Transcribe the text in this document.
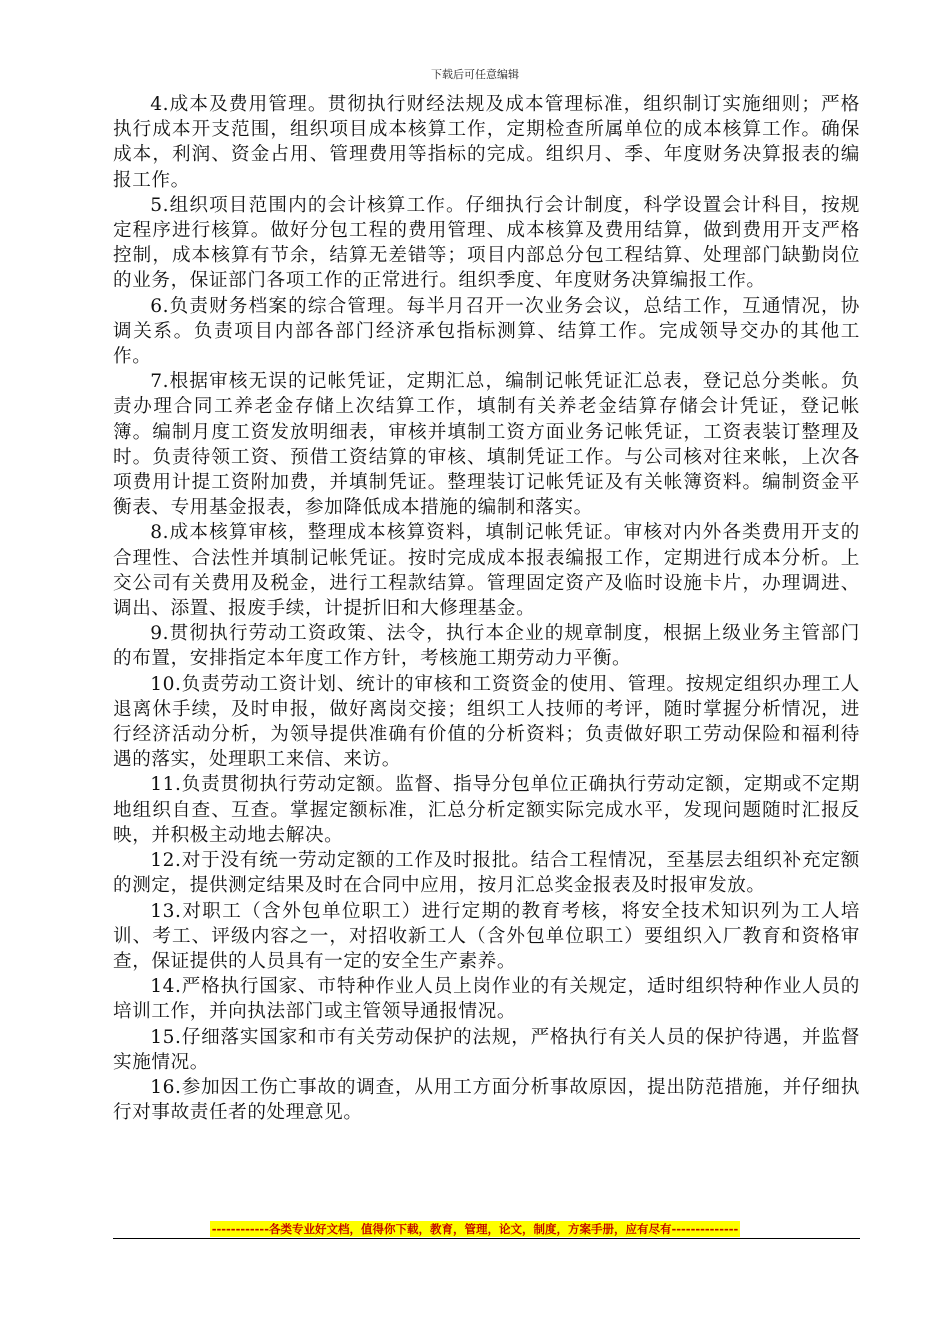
下载后可任意编辑

4.成本及费用管理。贯彻执行财经法规及成本管理标准，组织制订实施细则；严格执行成本开支范围，组织项目成本核算工作，定期检查所属单位的成本核算工作。确保成本，利润、资金占用、管理费用等指标的完成。组织月、季、年度财务决算报表的编报工作。

5.组织项目范围内的会计核算工作。仔细执行会计制度，科学设置会计科目，按规定程序进行核算。做好分包工程的费用管理、成本核算及费用结算，做到费用开支严格控制，成本核算有节余，结算无差错等；项目内部总分包工程结算、处理部门缺勤岗位的业务，保证部门各项工作的正常进行。组织季度、年度财务决算编报工作。

6.负责财务档案的综合管理。每半月召开一次业务会议，总结工作，互通情况，协调关系。负责项目内部各部门经济承包指标测算、结算工作。完成领导交办的其他工作。

7.根据审核无误的记帐凭证，定期汇总，编制记帐凭证汇总表，登记总分类帐。负责办理合同工养老金存储上次结算工作，填制有关养老金结算存储会计凭证，登记帐簿。编制月度工资发放明细表，审核并填制工资方面业务记帐凭证，工资表装订整理及时。负责待领工资、预借工资结算的审核、填制凭证工作。与公司核对往来帐，上次各项费用计提工资附加费，并填制凭证。整理装订记帐凭证及有关帐簿资料。编制资金平衡表、专用基金报表，参加降低成本措施的编制和落实。

8.成本核算审核，整理成本核算资料，填制记帐凭证。审核对内外各类费用开支的合理性、合法性并填制记帐凭证。按时完成成本报表编报工作，定期进行成本分析。上交公司有关费用及税金，进行工程款结算。管理固定资产及临时设施卡片，办理调进、调出、添置、报废手续，计提折旧和大修理基金。

9.贯彻执行劳动工资政策、法令，执行本企业的规章制度，根据上级业务主管部门的布置，安排指定本年度工作方针，考核施工期劳动力平衡。

10.负责劳动工资计划、统计的审核和工资资金的使用、管理。按规定组织办理工人退离休手续，及时申报，做好离岗交接；组织工人技师的考评，随时掌握分析情况，进行经济活动分析，为领导提供准确有价值的分析资料；负责做好职工劳动保险和福利待遇的落实，处理职工来信、来访。

11.负责贯彻执行劳动定额。监督、指导分包单位正确执行劳动定额，定期或不定期地组织自查、互查。掌握定额标准，汇总分析定额实际完成水平，发现问题随时汇报反映，并积极主动地去解决。

12.对于没有统一劳动定额的工作及时报批。结合工程情况，至基层去组织补充定额的测定，提供测定结果及时在合同中应用，按月汇总奖金报表及时报审发放。

13.对职工（含外包单位职工）进行定期的教育考核，将安全技术知识列为工人培训、考工、评级内容之一，对招收新工人（含外包单位职工）要组织入厂教育和资格审查，保证提供的人员具有一定的安全生产素养。

14.严格执行国家、市特种作业人员上岗作业的有关规定，适时组织特种作业人员的培训工作，并向执法部门或主管领导通报情况。

15.仔细落实国家和市有关劳动保护的法规，严格执行有关人员的保护待遇，并监督实施情况。

16.参加因工伤亡事故的调查，从用工方面分析事故原因，提出防范措施，并仔细执行对事故责任者的处理意见。

------------各类专业好文档，值得你下载，教育，管理，论文，制度，方案手册，应有尽有--------------
